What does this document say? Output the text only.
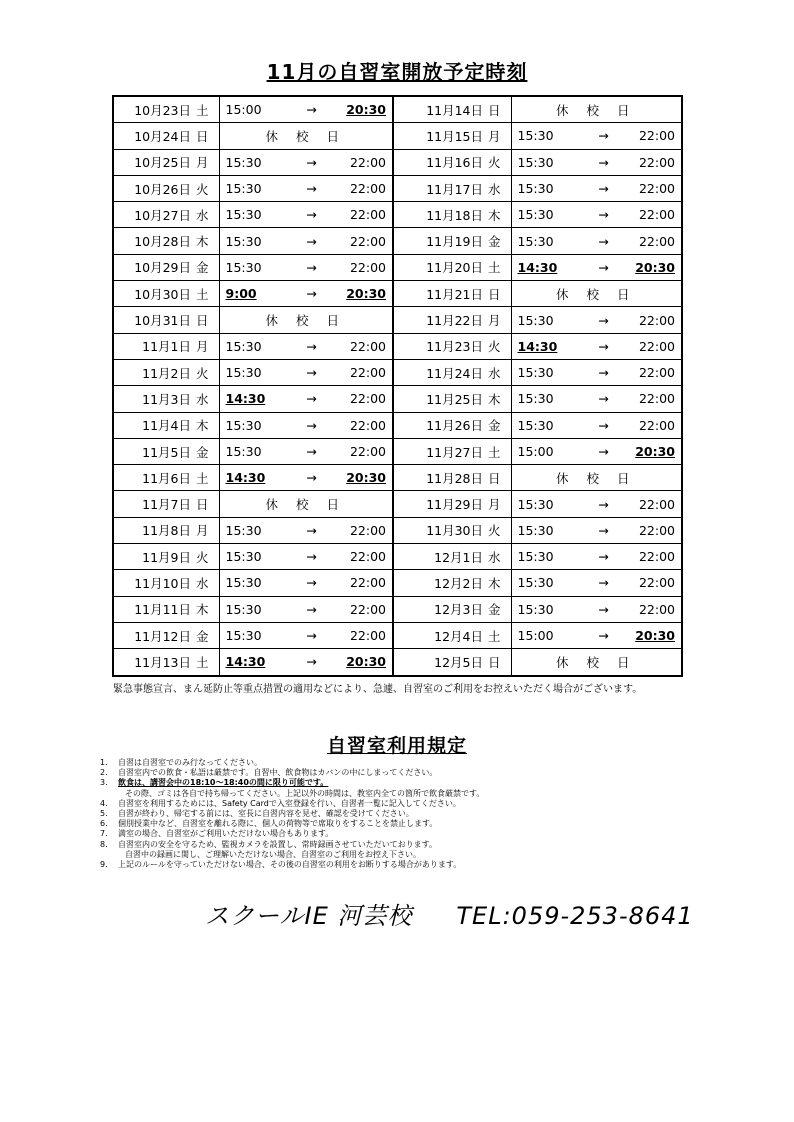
11月の自習室開放予定時刻
10月23日	土	15:00 → 20:30	11月14日	日	休 校 日
10月24日	日	休 校 日	11月15日	月	15:30 → 22:00

10月25日	月	15:30 → 22:00	11月16日	火	15:30 → 22:00

10月26日	火	15:30 → 22:00	11月17日	水	15:30 → 22:00

10月27日	水	15:30 → 22:00	11月18日	木	15:30 → 22:00

10月28日	木	15:30 → 22:00	11月19日	金	15:30 → 22:00

10月29日	金	15:30 → 22:00	11月20日	土	14:30 → 20:30

10月30日	土	9:00 → 20:30	11月21日	日	休 校 日
10月31日	日	休 校 日	11月22日	月	15:30 → 22:00

11月1日	月	15:30 → 22:00	11月23日	火	14:30 → 22:00

11月2日	火	15:30 → 22:00	11月24日	水	15:30 → 22:00

11月3日	水	14:30 → 22:00	11月25日	木	15:30 → 22:00

11月4日	木	15:30 → 22:00	11月26日	金	15:30 → 22:00

11月5日	金	15:30 → 22:00	11月27日	土	15:00 → 20:30

11月6日	土	14:30 → 20:30	11月28日	日	休 校 日
11月7日	日	休 校 日	11月29日	月	15:30 → 22:00

11月8日	月	15:30 → 22:00	11月30日	火	15:30 → 22:00

11月9日	火	15:30 → 22:00	12月1日	水	15:30 → 22:00

11月10日	水	15:30 → 22:00	12月2日	木	15:30 → 22:00

11月11日	木	15:30 → 22:00	12月3日	金	15:30 → 22:00

11月12日	金	15:30 → 22:00	12月4日	土	15:00 → 20:30

11月13日	土	14:30 → 20:30	12月5日	日	休 校 日
緊急事態宣言、まん延防止等重点措置の適用などにより、急遽、自習室のご利用をお控えいただく場合がございます。
自習室利用規定
1.	自習は自習室でのみ行なってください。
2.	自習室内での飲食・私語は厳禁です。自習中、飲食物はカバンの中にしまってください。
3.	飲食は、講習会中の18:10～18:40の間に限り可能です。
その際、ゴミは各自で持ち帰ってください。上記以外の時間は、教室内全ての箇所で飲食厳禁です。
4.	自習室を利用するためには、Safety Cardで入室登録を行い、自習者一覧に記入してください。
5.	自習が終わり、帰宅する前には、室長に自習内容を見せ、確認を受けてください。
6.	個別授業中など、自習室を離れる際に、個人の荷物等で席取りをすることを禁止します。
7.	満室の場合、自習室がご利用いただけない場合もあります。
8.	自習室内の安全を守るため、監視カメラを設置し、常時録画させていただいております。
自習中の録画に関し、ご理解いただけない場合、自習室のご利用をお控え下さい。
9.	上記のルールを守っていただけない場合、その後の自習室の利用をお断りする場合があります。
スクールIE 河芸校 TEL:059-253-8641
